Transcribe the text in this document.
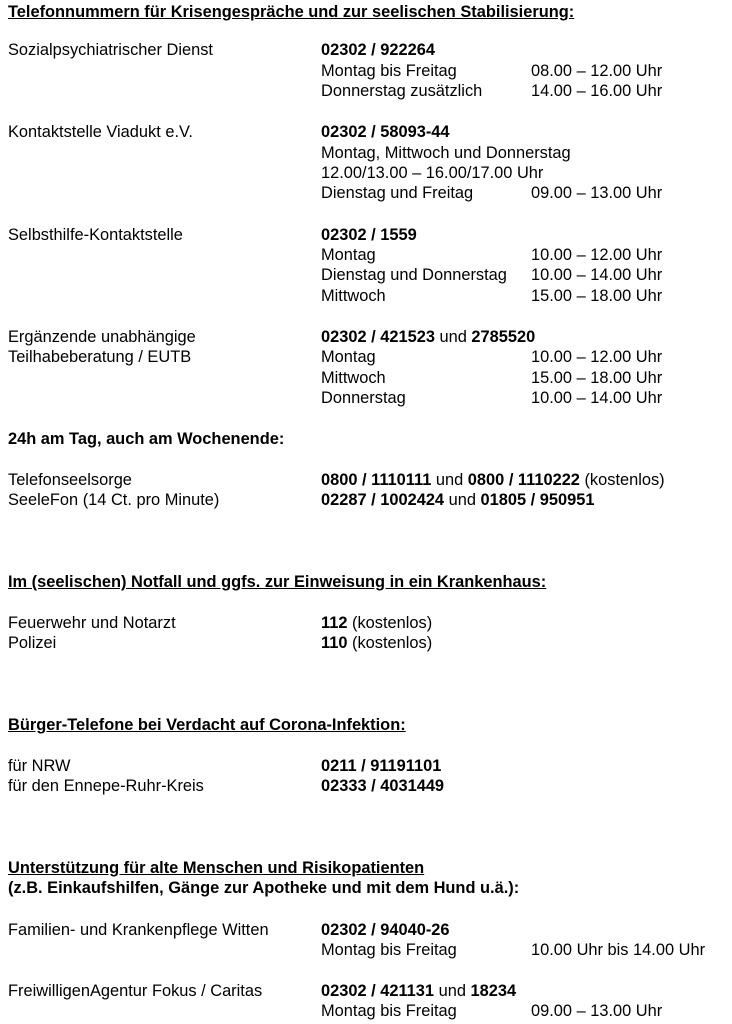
Telefonnummern für Krisengespräche und zur seelischen Stabilisierung:
Sozialpsychiatrischer Dienst	02302 / 922264
Montag bis Freitag	08.00 – 12.00 Uhr
Donnerstag zusätzlich	14.00 – 16.00 Uhr
Kontaktstelle Viadukt e.V.	02302 / 58093-44
Montag, Mittwoch und Donnerstag
12.00/13.00 – 16.00/17.00 Uhr
Dienstag und Freitag	09.00 – 13.00 Uhr
Selbsthilfe-Kontaktstelle	02302 / 1559
Montag	10.00 – 12.00 Uhr
Dienstag und Donnerstag 10.00 – 14.00 Uhr
Mittwoch	15.00 – 18.00 Uhr
Ergänzende unabhängige	02302 / 421523 und 2785520
Teilhabeberatung / EUTB	Montag	10.00 – 12.00 Uhr
Mittwoch	15.00 – 18.00 Uhr
Donnerstag	10.00 – 14.00 Uhr
24h am Tag, auch am Wochenende:
Telefonseelsorge	0800 / 1110111 und 0800 / 1110222 (kostenlos)
SeeleFon (14 Ct. pro Minute)	02287 / 1002424 und 01805 / 950951
Im (seelischen) Notfall und ggfs. zur Einweisung in ein Krankenhaus:
Feuerwehr und Notarzt	112 (kostenlos)
Polizei	110 (kostenlos)
Bürger-Telefone bei Verdacht auf Corona-Infektion:
für NRW	0211 / 91191101
für den Ennepe-Ruhr-Kreis	02333 / 4031449
Unterstützung für alte Menschen und Risikopatienten
(z.B. Einkaufshilfen, Gänge zur Apotheke und mit dem Hund u.ä.):
Familien- und Krankenpflege Witten	02302 / 94040-26
Montag bis Freitag	10.00 Uhr bis 14.00 Uhr
FreiwilligenAgentur Fokus / Caritas	02302 / 421131 und 18234
Montag bis Freitag	09.00 – 13.00 Uhr
